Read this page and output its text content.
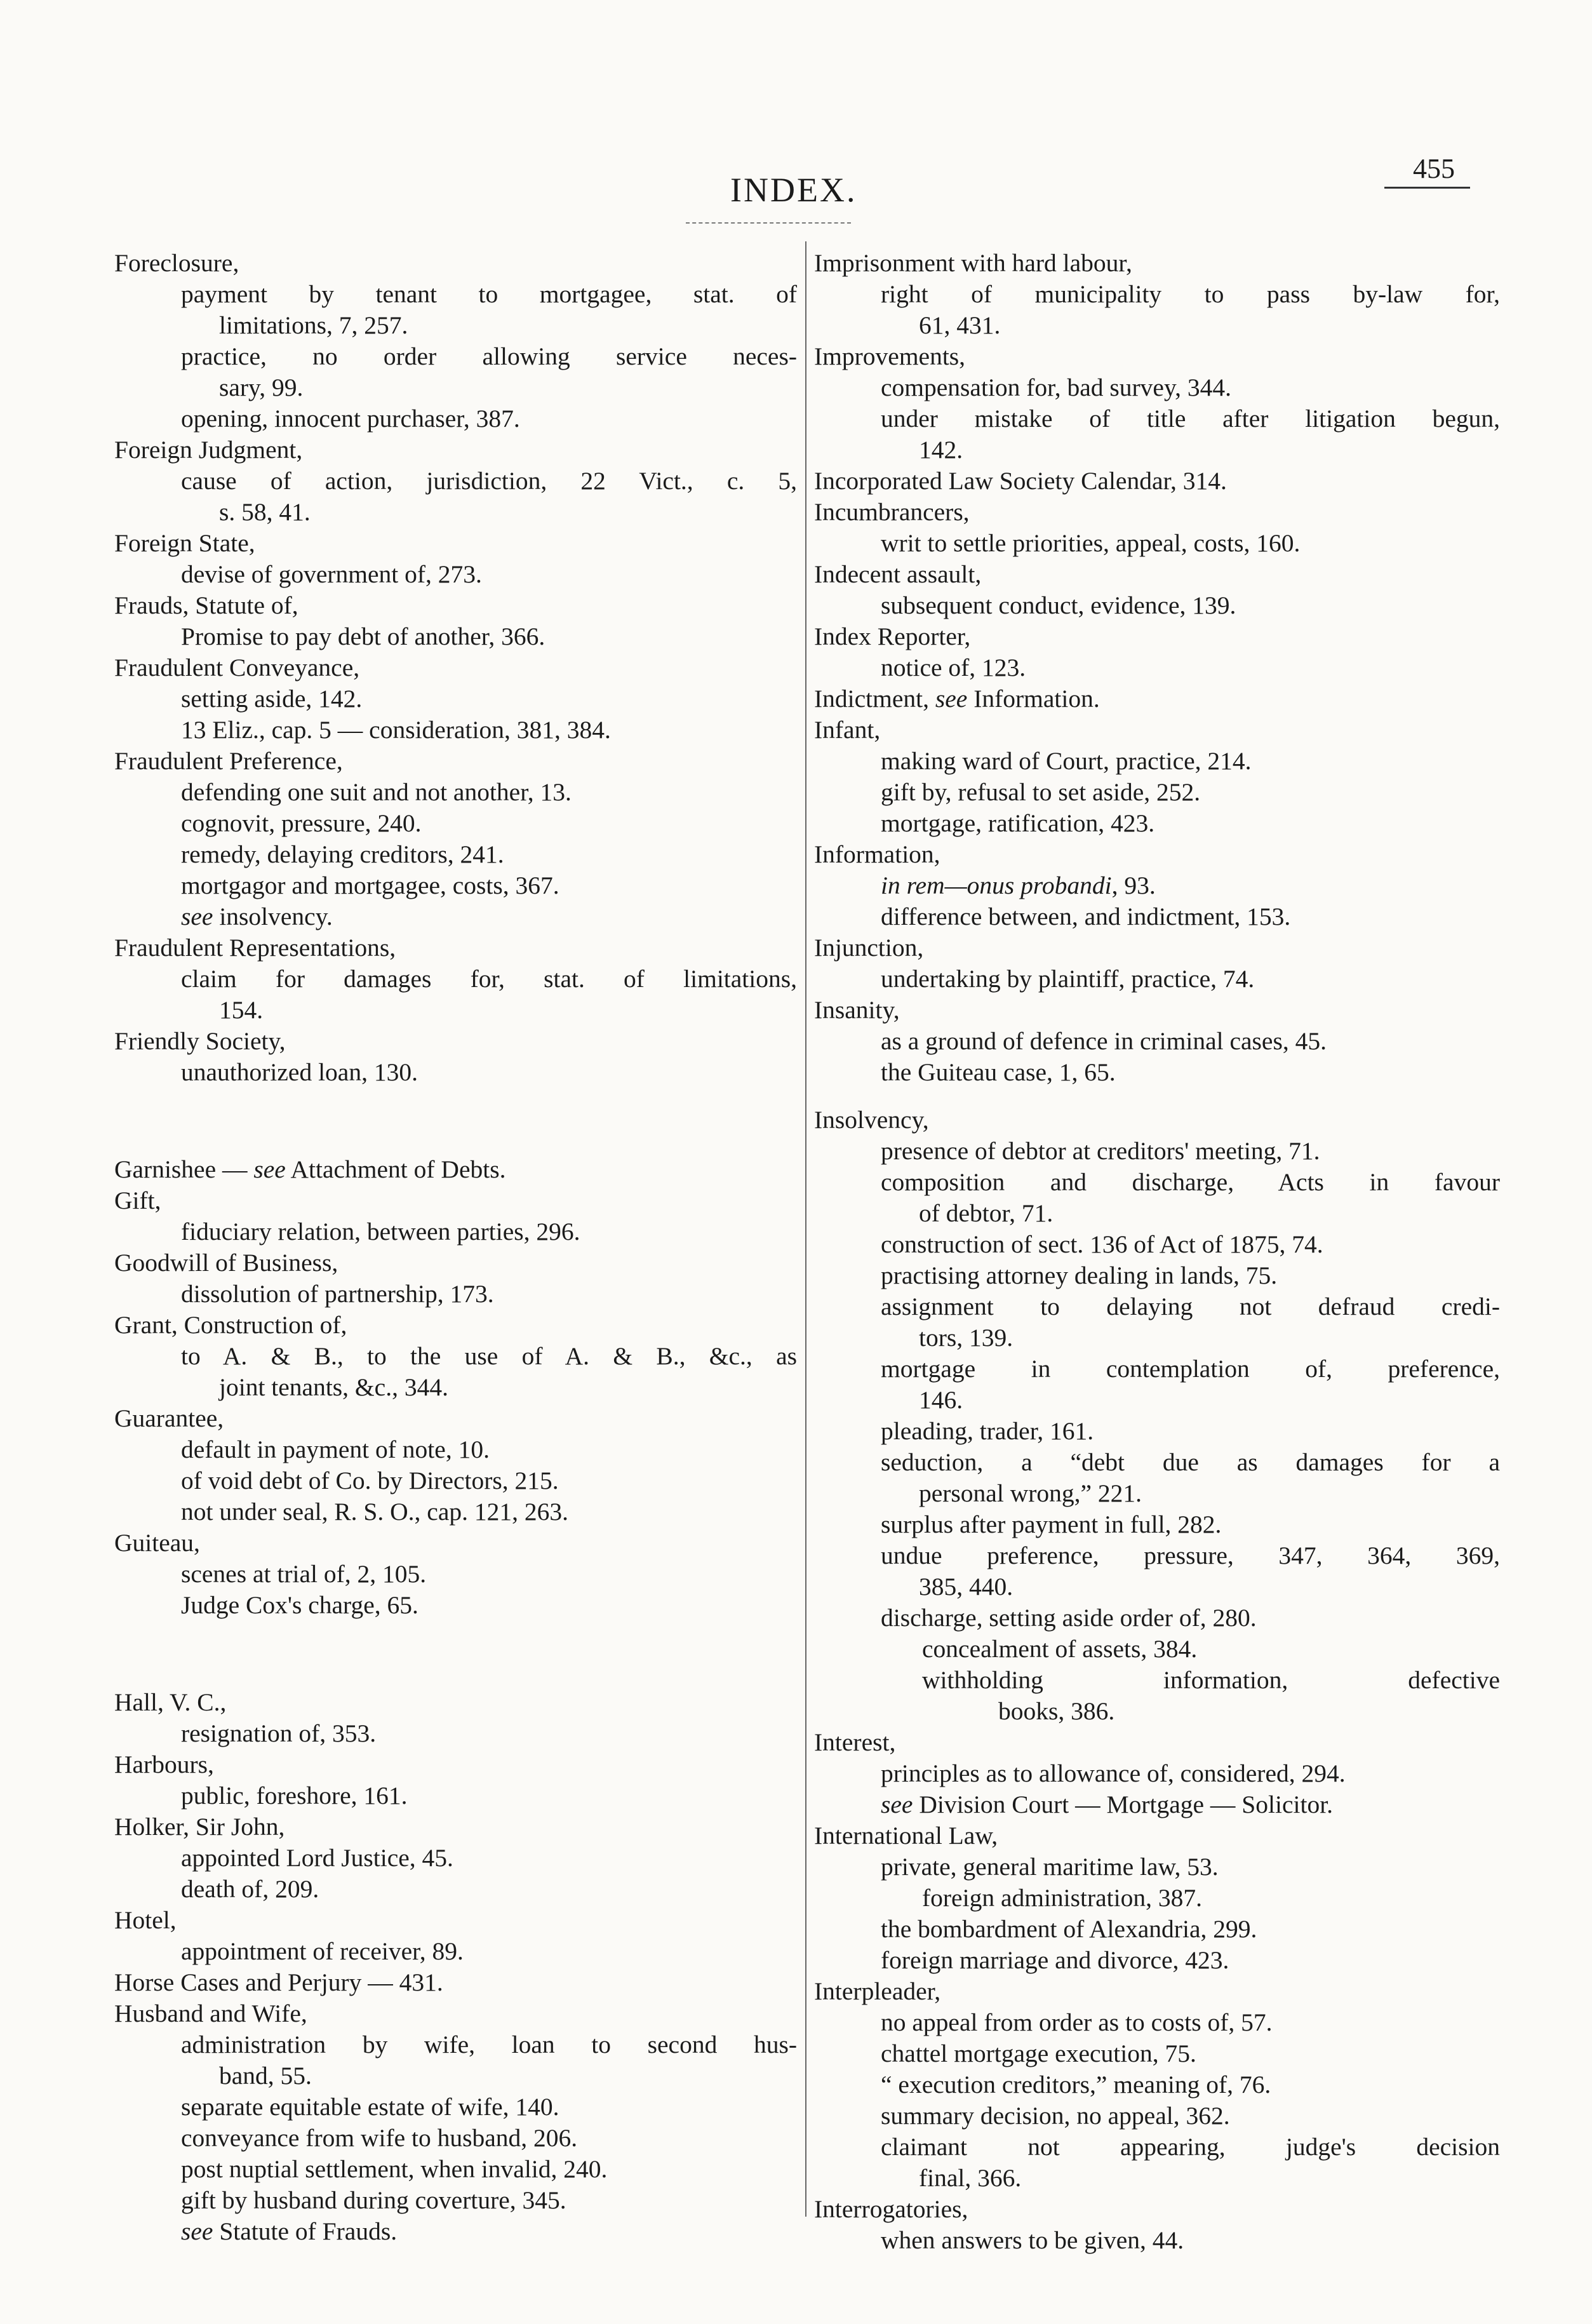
INDEX.
455
Foreclosure,
payment by tenant to mortgagee, stat. of
limitations, 7, 257.
practice, no order allowing service neces-
sary, 99.
opening, innocent purchaser, 387.
Foreign Judgment,
cause of action, jurisdiction, 22 Vict., c. 5,
s. 58, 41.
Foreign State,
devise of government of, 273.
Frauds, Statute of,
Promise to pay debt of another, 366.
Fraudulent Conveyance,
setting aside, 142.
13 Eliz., cap. 5 — consideration, 381, 384.
Fraudulent Preference,
defending one suit and not another, 13.
cognovit, pressure, 240.
remedy, delaying creditors, 241.
mortgagor and mortgagee, costs, 367.
see insolvency.
Fraudulent Representations,
claim for damages for, stat. of limitations,
154.
Friendly Society,
unauthorized loan, 130.
Garnishee — see Attachment of Debts.
Gift,
fiduciary relation, between parties, 296.
Goodwill of Business,
dissolution of partnership, 173.
Grant, Construction of,
to A. & B., to the use of A. & B., &c., as
joint tenants, &c., 344.
Guarantee,
default in payment of note, 10.
of void debt of Co. by Directors, 215.
not under seal, R. S. O., cap. 121, 263.
Guiteau,
scenes at trial of, 2, 105.
Judge Cox's charge, 65.
Hall, V. C.,
resignation of, 353.
Harbours,
public, foreshore, 161.
Holker, Sir John,
appointed Lord Justice, 45.
death of, 209.
Hotel,
appointment of receiver, 89.
Horse Cases and Perjury — 431.
Husband and Wife,
administration by wife, loan to second hus-
band, 55.
separate equitable estate of wife, 140.
conveyance from wife to husband, 206.
post nuptial settlement, when invalid, 240.
gift by husband during coverture, 345.
see Statute of Frauds.
Imprisonment with hard labour,
right of municipality to pass by-law for,
61, 431.
Improvements,
compensation for, bad survey, 344.
under mistake of title after litigation begun,
142.
Incorporated Law Society Calendar, 314.
Incumbrancers,
writ to settle priorities, appeal, costs, 160.
Indecent assault,
subsequent conduct, evidence, 139.
Index Reporter,
notice of, 123.
Indictment, see Information.
Infant,
making ward of Court, practice, 214.
gift by, refusal to set aside, 252.
mortgage, ratification, 423.
Information,
in rem—onus probandi, 93.
difference between, and indictment, 153.
Injunction,
undertaking by plaintiff, practice, 74.
Insanity,
as a ground of defence in criminal cases, 45.
the Guiteau case, 1, 65.
Insolvency,
presence of debtor at creditors' meeting, 71.
composition and discharge, Acts in favour
of debtor, 71.
construction of sect. 136 of Act of 1875, 74.
practising attorney dealing in lands, 75.
assignment to delaying not defraud credi-
tors, 139.
mortgage in contemplation of, preference,
146.
pleading, trader, 161.
seduction, a “debt due as damages for a
personal wrong,” 221.
surplus after payment in full, 282.
undue preference, pressure, 347, 364, 369,
385, 440.
discharge, setting aside order of, 280.
concealment of assets, 384.
withholding information, defective
books, 386.
Interest,
principles as to allowance of, considered, 294.
see Division Court — Mortgage — Solicitor.
International Law,
private, general maritime law, 53.
foreign administration, 387.
the bombardment of Alexandria, 299.
foreign marriage and divorce, 423.
Interpleader,
no appeal from order as to costs of, 57.
chattel mortgage execution, 75.
“ execution creditors,” meaning of, 76.
summary decision, no appeal, 362.
claimant not appearing, judge's decision
final, 366.
Interrogatories,
when answers to be given, 44.
